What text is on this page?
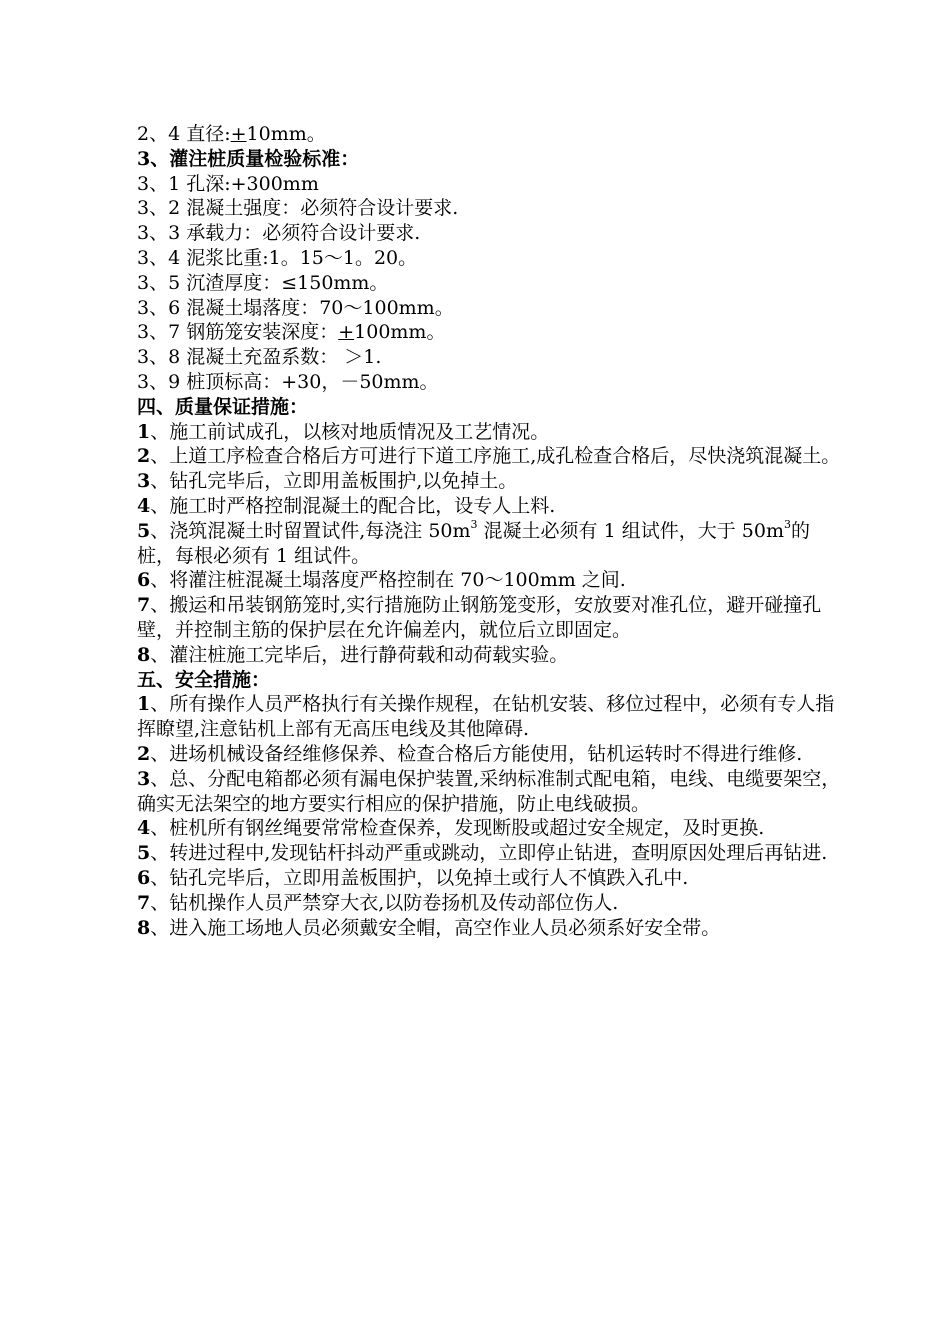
2、4 直径:+10mm。

3、灌注桩质量检验标准：

3、1 孔深:+300mm

3、2 混凝土强度：必须符合设计要求.

3、3 承载力：必须符合设计要求.

3、4 泥浆比重:1。15～1。20。

3、5 沉渣厚度：≤150mm。

3、6 混凝土塌落度：70～100mm。

3、7 钢筋笼安装深度：+100mm。

3、8 混凝土充盈系数： ＞1.

3、9 桩顶标高：+30，－50mm。

四、质量保证措施：

1、施工前试成孔，以核对地质情况及工艺情况。

2、上道工序检查合格后方可进行下道工序施工,成孔检查合格后，尽快浇筑混凝土。

3、钻孔完毕后，立即用盖板围护,以免掉土。

4、施工时严格控制混凝土的配合比，设专人上料.

5、浇筑混凝土时留置试件,每浇注 $50m^3$ 混凝土必须有 1 组试件，大于 $50m^3$的桩，每根必须有 1 组试件。

6、将灌注桩混凝土塌落度严格控制在 70～100mm 之间.

7、搬运和吊装钢筋笼时,实行措施防止钢筋笼变形，安放要对准孔位，避开碰撞孔壁，并控制主筋的保护层在允许偏差内，就位后立即固定。

8、灌注桩施工完毕后，进行静荷载和动荷载实验。

五、安全措施：

1、所有操作人员严格执行有关操作规程，在钻机安装、移位过程中，必须有专人指挥瞭望,注意钻机上部有无高压电线及其他障碍.

2、进场机械设备经维修保养、检查合格后方能使用，钻机运转时不得进行维修.

3、总、分配电箱都必须有漏电保护装置,采纳标准制式配电箱，电线、电缆要架空，确实无法架空的地方要实行相应的保护措施，防止电线破损。

4、桩机所有钢丝绳要常常检查保养，发现断股或超过安全规定，及时更换.

5、转进过程中,发现钻杆抖动严重或跳动，立即停止钻进，查明原因处理后再钻进.

6、钻孔完毕后，立即用盖板围护，以免掉土或行人不慎跌入孔中.

7、钻机操作人员严禁穿大衣,以防卷扬机及传动部位伤人.

8、进入施工场地人员必须戴安全帽，高空作业人员必须系好安全带。
